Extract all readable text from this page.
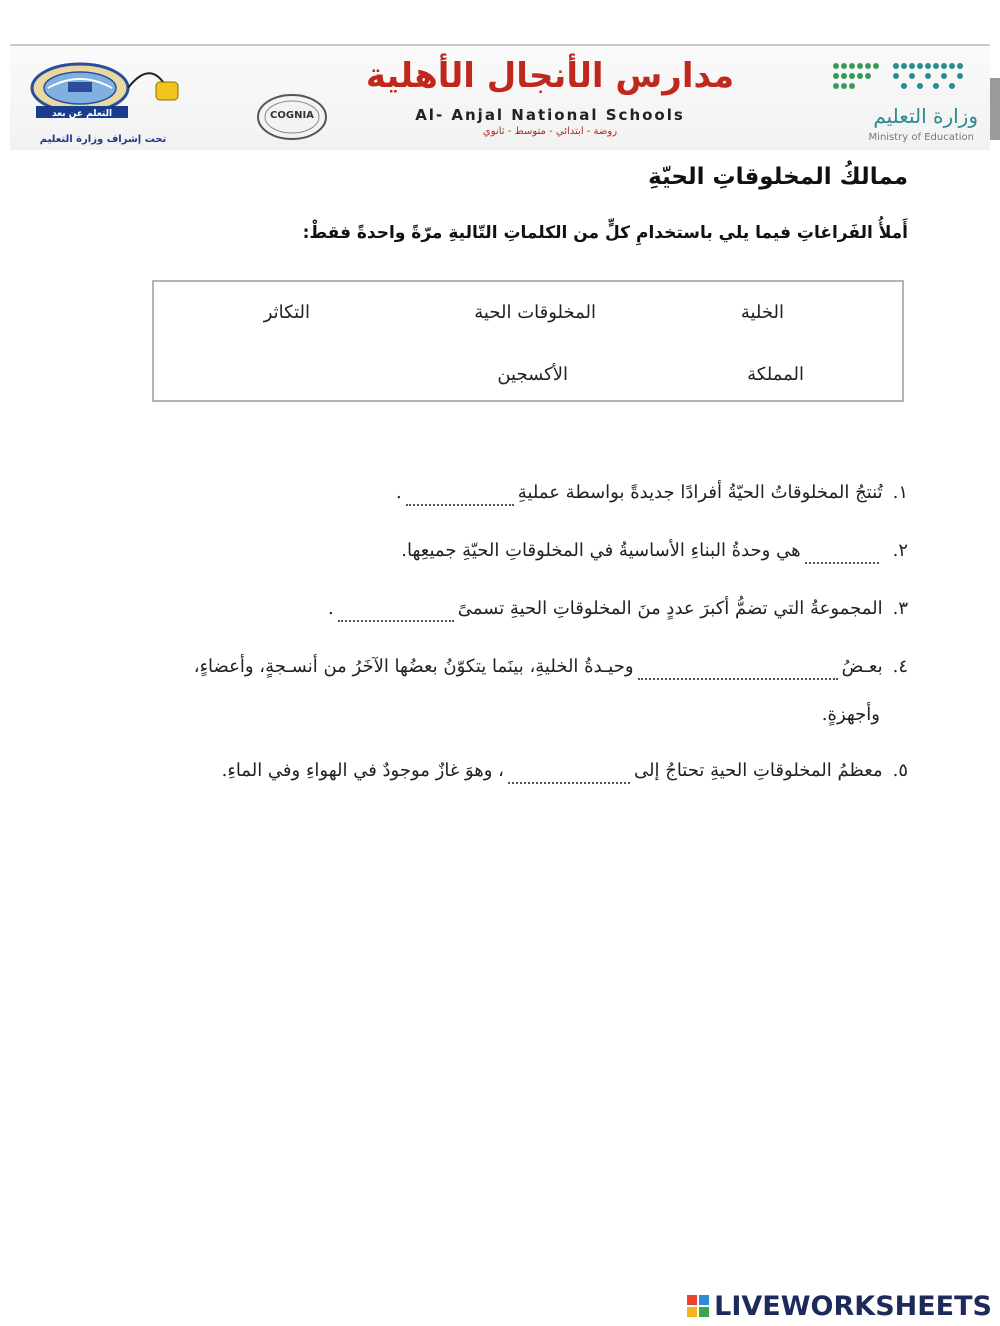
التعلم عن بعد
تحت إشراف وزارة التعليم
COGNIA
مدارس الأنجال الأهلية
Al- Anjal National Schools
روضة - ابتدائي - متوسط - ثانوي
وزارة التعليم
Ministry of Education
ممالكُ المخلوقاتِ الحيّةِ
أَملأُ الفَراغاتِ فيما يلي باستخدامِ كلٍّ من الكلماتِ التّاليةِ مرّةً واحدةً فقطْ:
الخلية
المخلوقات الحية
التكاثر
المملكة
الأكسجين
١.تُنتجُ المخلوقاتُ الحيّةُ أفرادًا جديدةً بواسطة عمليةِ.
٢.هي وحدةُ البناءِ الأساسيةُ في المخلوقاتِ الحيّةِ جميعِها.
٣.المجموعةُ التي تضمُّ أكبرَ عددٍ منَ المخلوقاتِ الحيةِ تسمىً.
٤.بعـضُوحيـدةُ الخليةِ، بينَما يتكوّنُ بعضُها الآخَرُ من أنسـجةٍ، وأعضاءٍ،
وأجهزةٍ.
٥.معظمُ المخلوقاتِ الحيةِ تحتاجُ إلى، وهوَ غازٌ موجودٌ في الهواءِ وفي الماءِ.
LIVEWORKSHEETS
